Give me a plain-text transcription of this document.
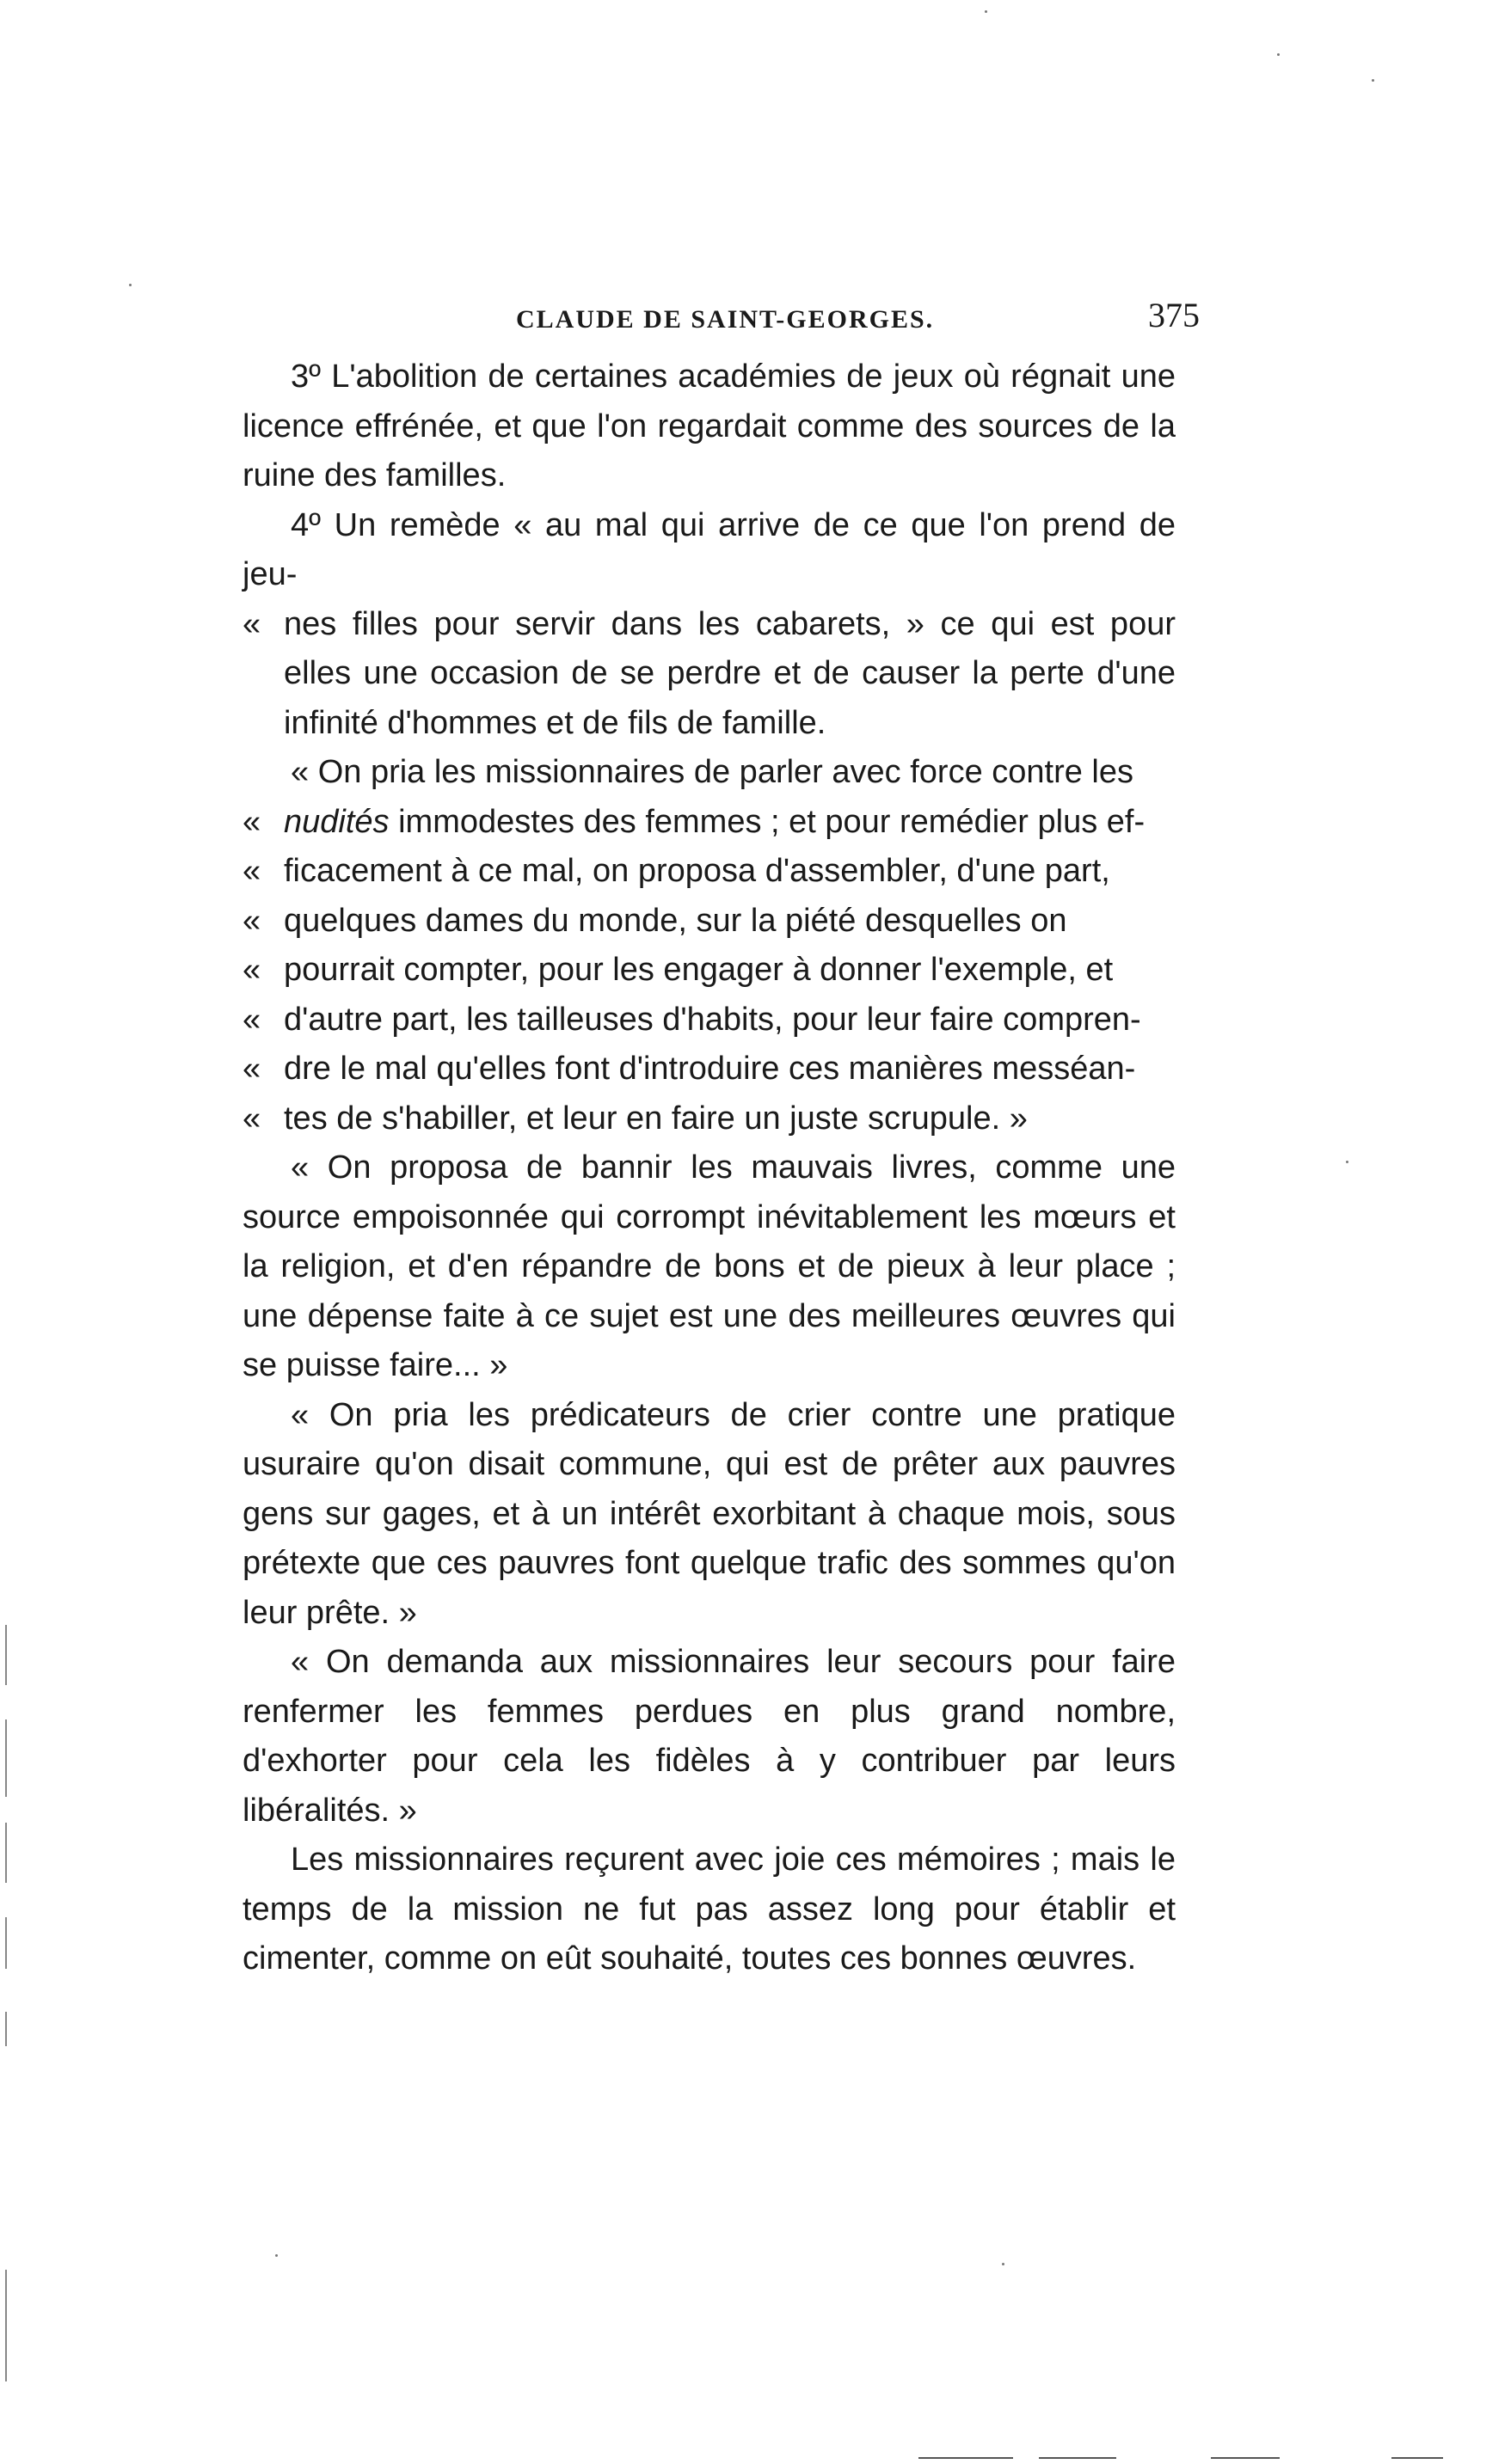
CLAUDE DE SAINT-GEORGES.	375

3º L'abolition de certaines académies de jeux où régnait une licence effrénée, et que l'on regardait comme des sources de la ruine des familles.

4º Un remède « au mal qui arrive de ce que l'on prend de jeu-

« nes filles pour servir dans les cabarets, » ce qui est pour elles une occasion de se perdre et de causer la perte d'une infinité d'hommes et de fils de famille.

« On pria les missionnaires de parler avec force contre les

« nudités immodestes des femmes ; et pour remédier plus ef-

« ficacement à ce mal, on proposa d'assembler, d'une part,

« quelques dames du monde, sur la piété desquelles on

« pourrait compter, pour les engager à donner l'exemple, et

« d'autre part, les tailleuses d'habits, pour leur faire compren-

« dre le mal qu'elles font d'introduire ces manières messéan-

« tes de s'habiller, et leur en faire un juste scrupule. »

« On proposa de bannir les mauvais livres, comme une source empoisonnée qui corrompt inévitablement les mœurs et la religion, et d'en répandre de bons et de pieux à leur place ; une dépense faite à ce sujet est une des meilleures œuvres qui se puisse faire... »

« On pria les prédicateurs de crier contre une pratique usuraire qu'on disait commune, qui est de prêter aux pauvres gens sur gages, et à un intérêt exorbitant à chaque mois, sous prétexte que ces pauvres font quelque trafic des sommes qu'on leur prête. »

« On demanda aux missionnaires leur secours pour faire renfermer les femmes perdues en plus grand nombre, d'exhorter pour cela les fidèles à y contribuer par leurs libéralités. »

Les missionnaires reçurent avec joie ces mémoires ; mais le temps de la mission ne fut pas assez long pour établir et cimenter, comme on eût souhaité, toutes ces bonnes œuvres.
